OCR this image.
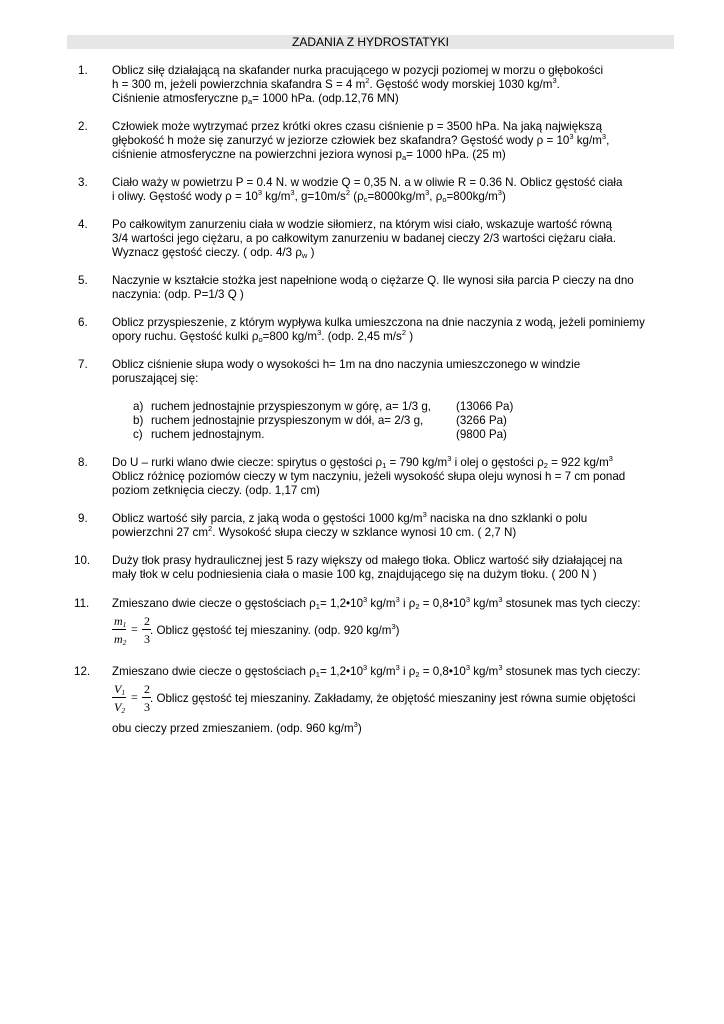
ZADANIA Z HYDROSTATYKI
1.	Oblicz siłę działającą na skafander nurka pracującego w pozycji poziomej w morzu o głębokości
h = 300 m, jeżeli powierzchnia skafandra S = 4 $m^2$. Gęstość wody morskiej 1030 $kg/m^3$.
Ciśnienie atmosferyczne $p_a= 1000$ hPa. (odp.12,76 MN)
2.	Człowiek może wytrzymać przez krótki okres czasu ciśnienie p = 3500 hPa. Na jaką największą
głębokość h może się zanurzyć w jeziorze człowiek bez skafandra? Gęstość wody $\rho = 10^3$ $kg/m^3$,
ciśnienie atmosferyczne na powierzchni jeziora wynosi $p_a= 1000$ hPa. (25 m)
3.	Ciało waży w powietrzu P = 0.4 N. w wodzie Q = 0,35 N. a w oliwie R = 0.36 N. Oblicz gęstość ciała
i oliwy. Gęstość wody $\rho = 10^3$ $kg/m^3$, $g=10m/s^2$ ($\rho_c=8000kg/m^3$, $\rho_o=800kg/m^3$)
4.	Po całkowitym zanurzeniu ciała w wodzie siłomierz, na którym wisi ciało, wskazuje wartość równą
3/4 wartości jego ciężaru, a po całkowitym zanurzeniu w badanej cieczy 2/3 wartości ciężaru ciała.
Wyznacz gęstość cieczy. ( odp. 4/3 $\rho_w$ )
5.	Naczynie w kształcie stożka jest napełnione wodą o ciężarze Q. Ile wynosi siła parcia P cieczy na dno
naczynia: (odp. P=1/3 Q )
6.	Oblicz przyspieszenie, z którym wypływa kulka umieszczona na dnie naczynia z wodą, jeżeli pominiemy
opory ruchu. Gęstość kulki $\rho_o=800$ $kg/m^3$. (odp. 2,45 $m/s^2$ )
7.	Oblicz ciśnienie słupa wody o wysokości h= 1m na dno naczynia umieszczonego w windzie
poruszającej się:
a) ruchem jednostajnie przyspieszonym w górę, a= 1/3 g, (13066 Pa)
b) ruchem jednostajnie przyspieszonym w dół, a= 2/3 g,	(3266 Pa)
c) ruchem jednostajnym.	(9800 Pa)
8.	Do U – rurki wlano dwie ciecze: spirytus o gęstości $\rho_1 = 790$ $kg/m^3$ i olej o gęstości $\rho_2 = 922$ $kg/m^3$
Oblicz różnicę poziomów cieczy w tym naczyniu, jeżeli wysokość słupa oleju wynosi h = 7 cm ponad
poziom zetknięcia cieczy. (odp. 1,17 cm)
9.	Oblicz wartość siły parcia, z jaką woda o gęstości 1000 $kg/m^3$ naciska na dno szklanki o polu
powierzchni 27 $cm^2$. Wysokość słupa cieczy w szklance wynosi 10 cm. ( 2,7 N)
10.	Duży tłok prasy hydraulicznej jest 5 razy większy od małego tłoka. Oblicz wartość siły działającej na
mały tłok w celu podniesienia ciała o masie 100 kg, znajdującego się na dużym tłoku. ( 200 N )
11.	Zmieszano dwie ciecze o gęstościach $\rho_1=$ $1,2•10^3$ $kg/m^3$ i $\rho_2$ = $0,8•10^3$ $kg/m^3$ stosunek mas tych cieczy:
$m_1$
$m_2$
=
2
3
. Oblicz gęstość tej mieszaniny. (odp. 920 $kg/m^3$)
12.	Zmieszano dwie ciecze o gęstościach $\rho_1=$ $1,2•10^3$ $kg/m^3$ i $\rho_2$ = $0,8•10^3$ $kg/m^3$ stosunek mas tych cieczy:
$V_1$
$V_2$
=
2
3
. Oblicz gęstość tej mieszaniny. Zakładamy, że objętość mieszaniny jest równa sumie objętości
obu cieczy przed zmieszaniem. (odp. 960 $kg/m^3$)
